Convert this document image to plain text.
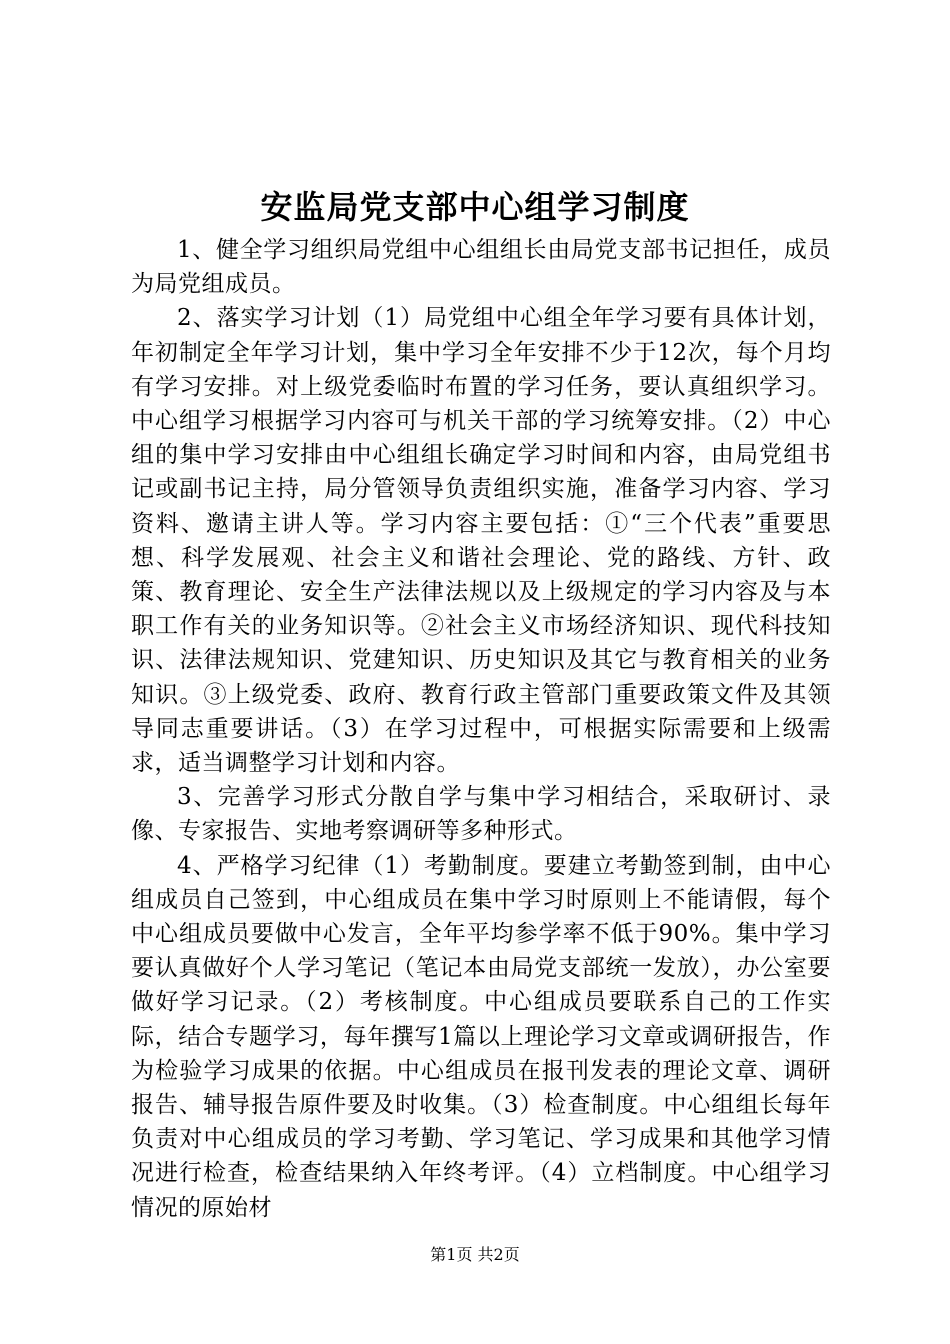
安监局党支部中心组学习制度

1、健全学习组织局党组中心组组长由局党支部书记担任，成员为局党组成员。

2、落实学习计划（1）局党组中心组全年学习要有具体计划，年初制定全年学习计划，集中学习全年安排不少于12次，每个月均有学习安排。对上级党委临时布置的学习任务，要认真组织学习。中心组学习根据学习内容可与机关干部的学习统筹安排。（2）中心组的集中学习安排由中心组组长确定学习时间和内容，由局党组书记或副书记主持，局分管领导负责组织实施，准备学习内容、学习资料、邀请主讲人等。学习内容主要包括：①“三个代表”重要思想、科学发展观、社会主义和谐社会理论、党的路线、方针、政策、教育理论、安全生产法律法规以及上级规定的学习内容及与本职工作有关的业务知识等。②社会主义市场经济知识、现代科技知识、法律法规知识、党建知识、历史知识及其它与教育相关的业务知识。③上级党委、政府、教育行政主管部门重要政策文件及其领导同志重要讲话。（3）在学习过程中，可根据实际需要和上级需求，适当调整学习计划和内容。

3、完善学习形式分散自学与集中学习相结合，采取研讨、录像、专家报告、实地考察调研等多种形式。

4、严格学习纪律（1）考勤制度。要建立考勤签到制，由中心组成员自己签到，中心组成员在集中学习时原则上不能请假，每个中心组成员要做中心发言，全年平均参学率不低于90%。集中学习要认真做好个人学习笔记（笔记本由局党支部统一发放），办公室要做好学习记录。（2）考核制度。中心组成员要联系自己的工作实际，结合专题学习，每年撰写1篇以上理论学习文章或调研报告，作为检验学习成果的依据。中心组成员在报刊发表的理论文章、调研报告、辅导报告原件要及时收集。（3）检查制度。中心组组长每年负责对中心组成员的学习考勤、学习笔记、学习成果和其他学习情况进行检查，检查结果纳入年终考评。（4）立档制度。中心组学习情况的原始材

第1页 共2页
